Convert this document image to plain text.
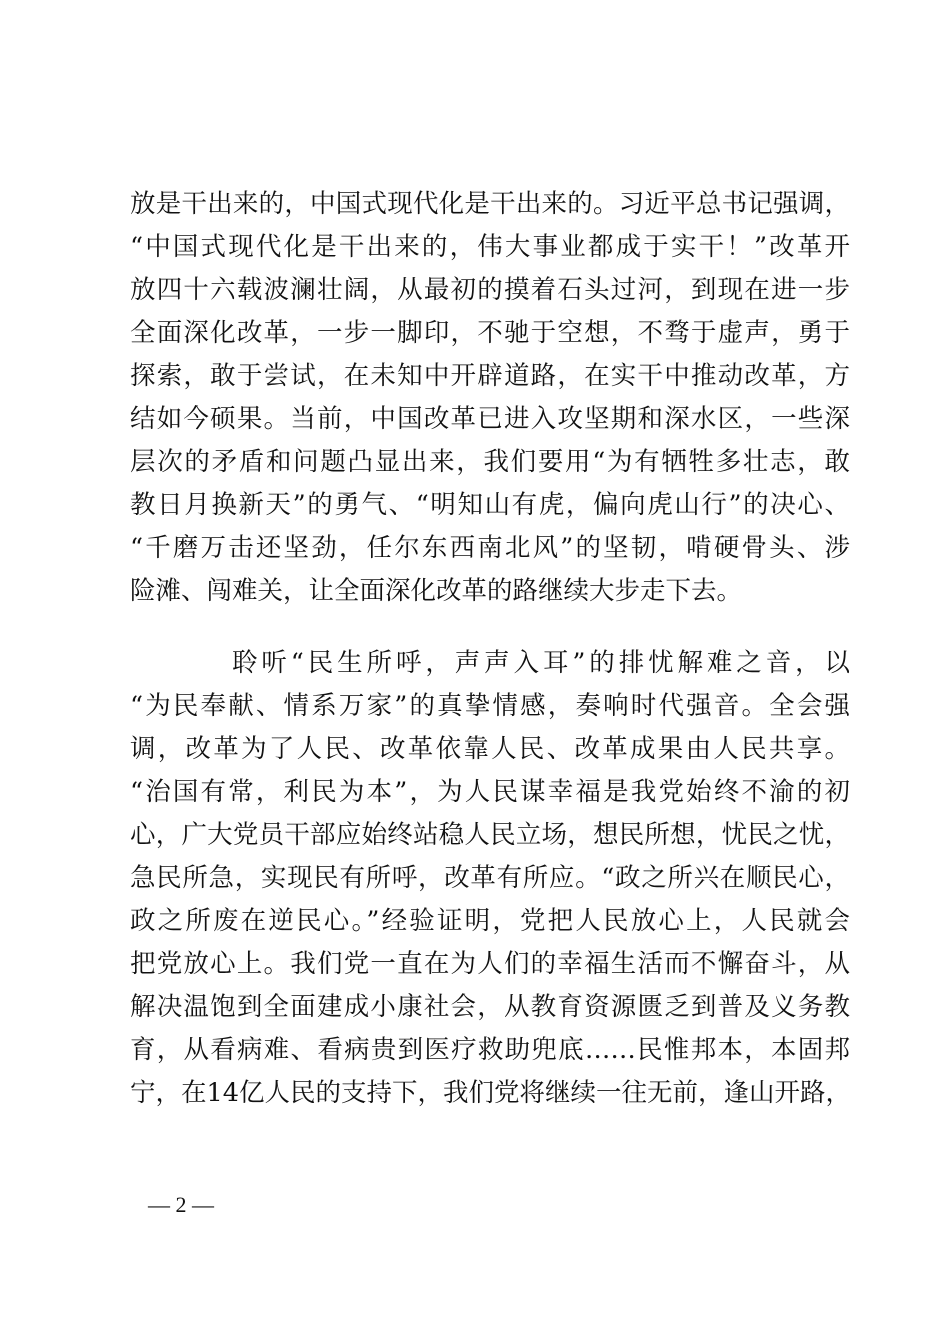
放是干出来的，中国式现代化是干出来的。习近平总书记强调，
“中国式现代化是干出来的，伟大事业都成于实干！”改革开
放四十六载波澜壮阔，从最初的摸着石头过河，到现在进一步
全面深化改革，一步一脚印，不驰于空想，不骛于虚声，勇于
探索，敢于尝试，在未知中开辟道路，在实干中推动改革，方
结如今硕果。当前，中国改革已进入攻坚期和深水区，一些深
层次的矛盾和问题凸显出来，我们要用“为有牺牲多壮志，敢
教日月换新天”的勇气、“明知山有虎，偏向虎山行”的决心、
“千磨万击还坚劲，任尔东西南北风”的坚韧，啃硬骨头、涉
险滩、闯难关，让全面深化改革的路继续大步走下去。
聆听“民生所呼，声声入耳”的排忧解难之音，以
“为民奉献、情系万家”的真挚情感，奏响时代强音。全会强
调，改革为了人民、改革依靠人民、改革成果由人民共享。
“治国有常，利民为本”，为人民谋幸福是我党始终不渝的初
心，广大党员干部应始终站稳人民立场，想民所想，忧民之忧，
急民所急，实现民有所呼，改革有所应。“政之所兴在顺民心，
政之所废在逆民心。”经验证明，党把人民放心上，人民就会
把党放心上。我们党一直在为人们的幸福生活而不懈奋斗，从
解决温饱到全面建成小康社会，从教育资源匮乏到普及义务教
育，从看病难、看病贵到医疗救助兜底……民惟邦本，本固邦
宁，在14亿人民的支持下，我们党将继续一往无前，逢山开路，
— 2 —
